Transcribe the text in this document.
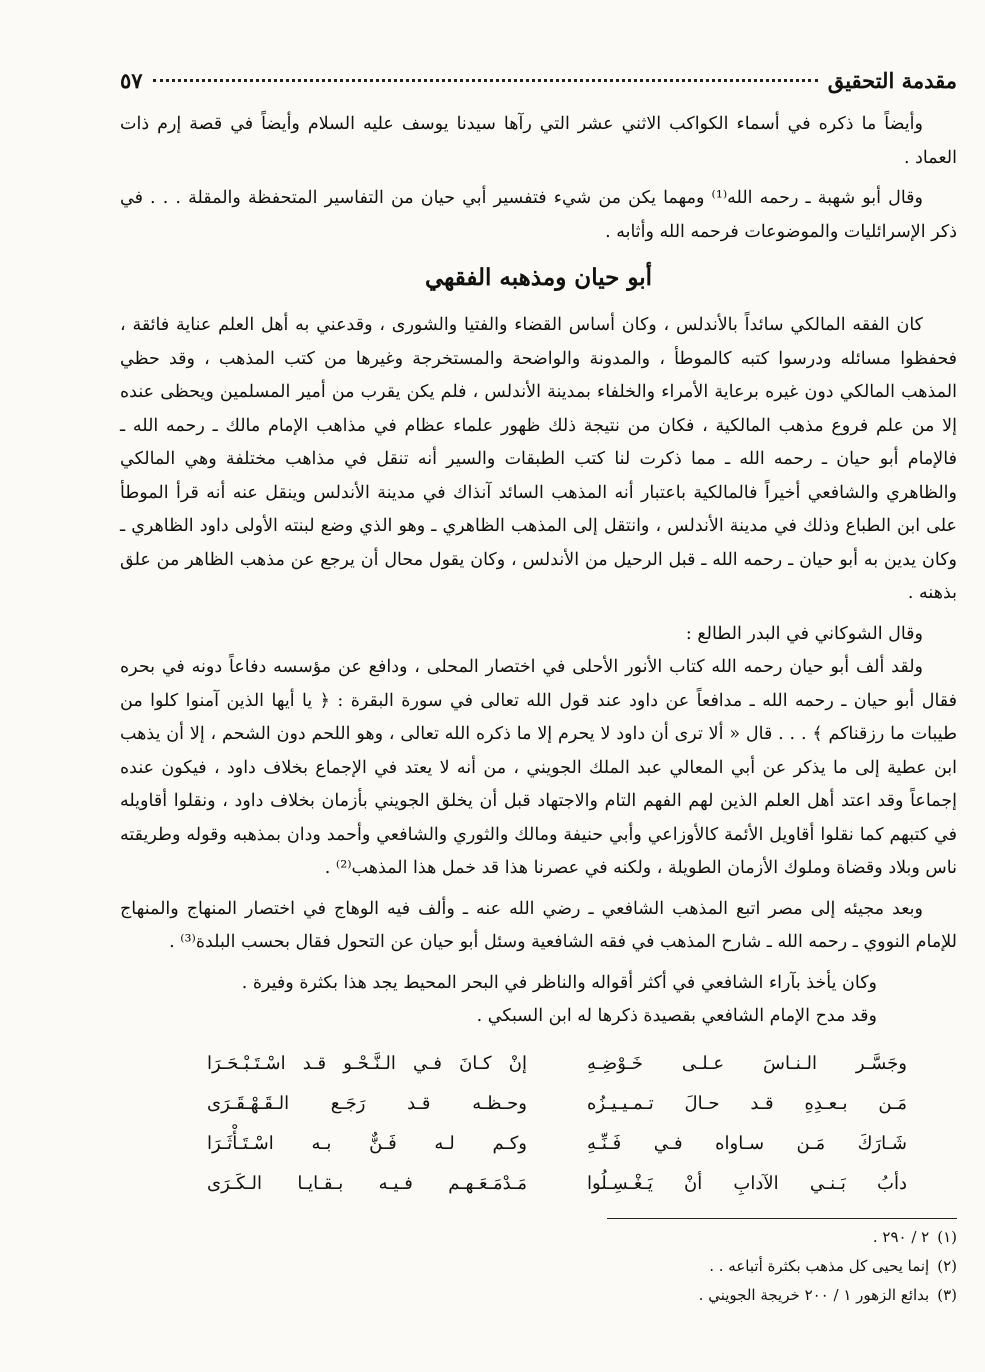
مقدمة التحقيق
٥٧

وأيضاً ما ذكره في أسماء الكواكب الاثني عشر التي رآها سيدنا يوسف عليه السلام وأيضاً في قصة إرم ذات العماد .

وقال أبو شهبة ـ رحمه الله⁽¹⁾ ومهما يكن من شيء فتفسير أبي حيان من التفاسير المتحفظة والمقلة . . . في ذكر الإسرائليات والموضوعات فرحمه الله وأثابه .

أبو حيان ومذهبه الفقهي

كان الفقه المالكي سائداً بالأندلس ، وكان أساس القضاء والفتيا والشورى ، وقدعني به أهل العلم عناية فائقة ، فحفظوا مسائله ودرسوا كتبه كالموطأ ، والمدونة والواضحة والمستخرجة وغيرها من كتب المذهب ، وقد حظي المذهب المالكي دون غيره برعاية الأمراء والخلفاء بمدينة الأندلس ، فلم يكن يقرب من أمير المسلمين ويحظى عنده إلا من علم فروع مذهب المالكية ، فكان من نتيجة ذلك ظهور علماء عظام في مذاهب الإمام مالك ـ رحمه الله ـ فالإمام أبو حيان ـ رحمه الله ـ مما ذكرت لنا كتب الطبقات والسير أنه تنقل في مذاهب مختلفة وهي المالكي والظاهري والشافعي أخيراً فالمالكية باعتبار أنه المذهب السائد آنذاك في مدينة الأندلس وينقل عنه أنه قرأ الموطأ على ابن الطباع وذلك في مدينة الأندلس ، وانتقل إلى المذهب الظاهري ـ وهو الذي وضع لبنته الأولى داود الظاهري ـ وكان يدين به أبو حيان ـ رحمه الله ـ قبل الرحيل من الأندلس ، وكان يقول محال أن يرجع عن مذهب الظاهر من علق بذهنه .

وقال الشوكاني في البدر الطالع :

ولقد ألف أبو حيان رحمه الله كتاب الأنور الأحلى في اختصار المحلى ، ودافع عن مؤسسه دفاعاً دونه في بحره فقال أبو حيان ـ رحمه الله ـ مدافعاً عن داود عند قول الله تعالى في سورة البقرة : ﴿ يا أيها الذين آمنوا كلوا من طيبات ما رزقناكم ﴾ . . . قال « ألا ترى أن داود لا يحرم إلا ما ذكره الله تعالى ، وهو اللحم دون الشحم ، إلا أن يذهب ابن عطية إلى ما يذكر عن أبي المعالي عبد الملك الجويني ، من أنه لا يعتد في الإجماع بخلاف داود ، فيكون عنده إجماعاً وقد اعتد أهل العلم الذين لهم الفهم التام والاجتهاد قبل أن يخلق الجويني بأزمان بخلاف داود ، ونقلوا أقاويله في كتبهم كما نقلوا أقاويل الأئمة كالأوزاعي وأبي حنيفة ومالك والثوري والشافعي وأحمد ودان بمذهبه وقوله وطريقته ناس وبلاد وقضاة وملوك الأزمان الطويلة ، ولكنه في عصرنا هذا قد خمل هذا المذهب⁽²⁾ .

وبعد مجيئه إلى مصر اتبع المذهب الشافعي ـ رضي الله عنه ـ وألف فيه الوهاج في اختصار المنهاج والمنهاج للإمام النووي ـ رحمه الله ـ شارح المذهب في فقه الشافعية وسئل أبو حيان عن التحول فقال بحسب البلدة⁽³⁾ .

وكان يأخذ بآراء الشافعي في أكثر أقواله والناظر في البحر المحيط يجد هذا بكثرة وفيرة .

وقد مدح الإمام الشافعي بقصيدة ذكرها له ابن السبكي .

وجَسَّـر الـنـاسَ عـلـى خَـوْضِـهِ
إنْ كـانَ فـي الـنَّـحْـو قـد اسْـتَـبْـحَـرَا
مَـن بـعـدِهِ قـد حـالَ تـمـيـيـزُه
وحـظـه قـد رَجَـع الـقَـهْـقَـرَى
شَـارَكَ مَـن سـاواه فـي فَـنِّـهِ
وكـم لـه فَـنٌّ بـه اسْـتَـأْثَـرَا
دأبُ بَـنـي الآدابِ أنْ يَـغْـسِـلُوا
مَـدْمَـعَـهـم فـيـه بـقـايـا الـكَـرَى

(١)٢ / ٢٩٠ .

(٢)إنما يحيى كل مذهب بكثرة أتباعه . .

(٣)بدائع الزهور ١ / ٢٠٠ خريجة الجويني .
